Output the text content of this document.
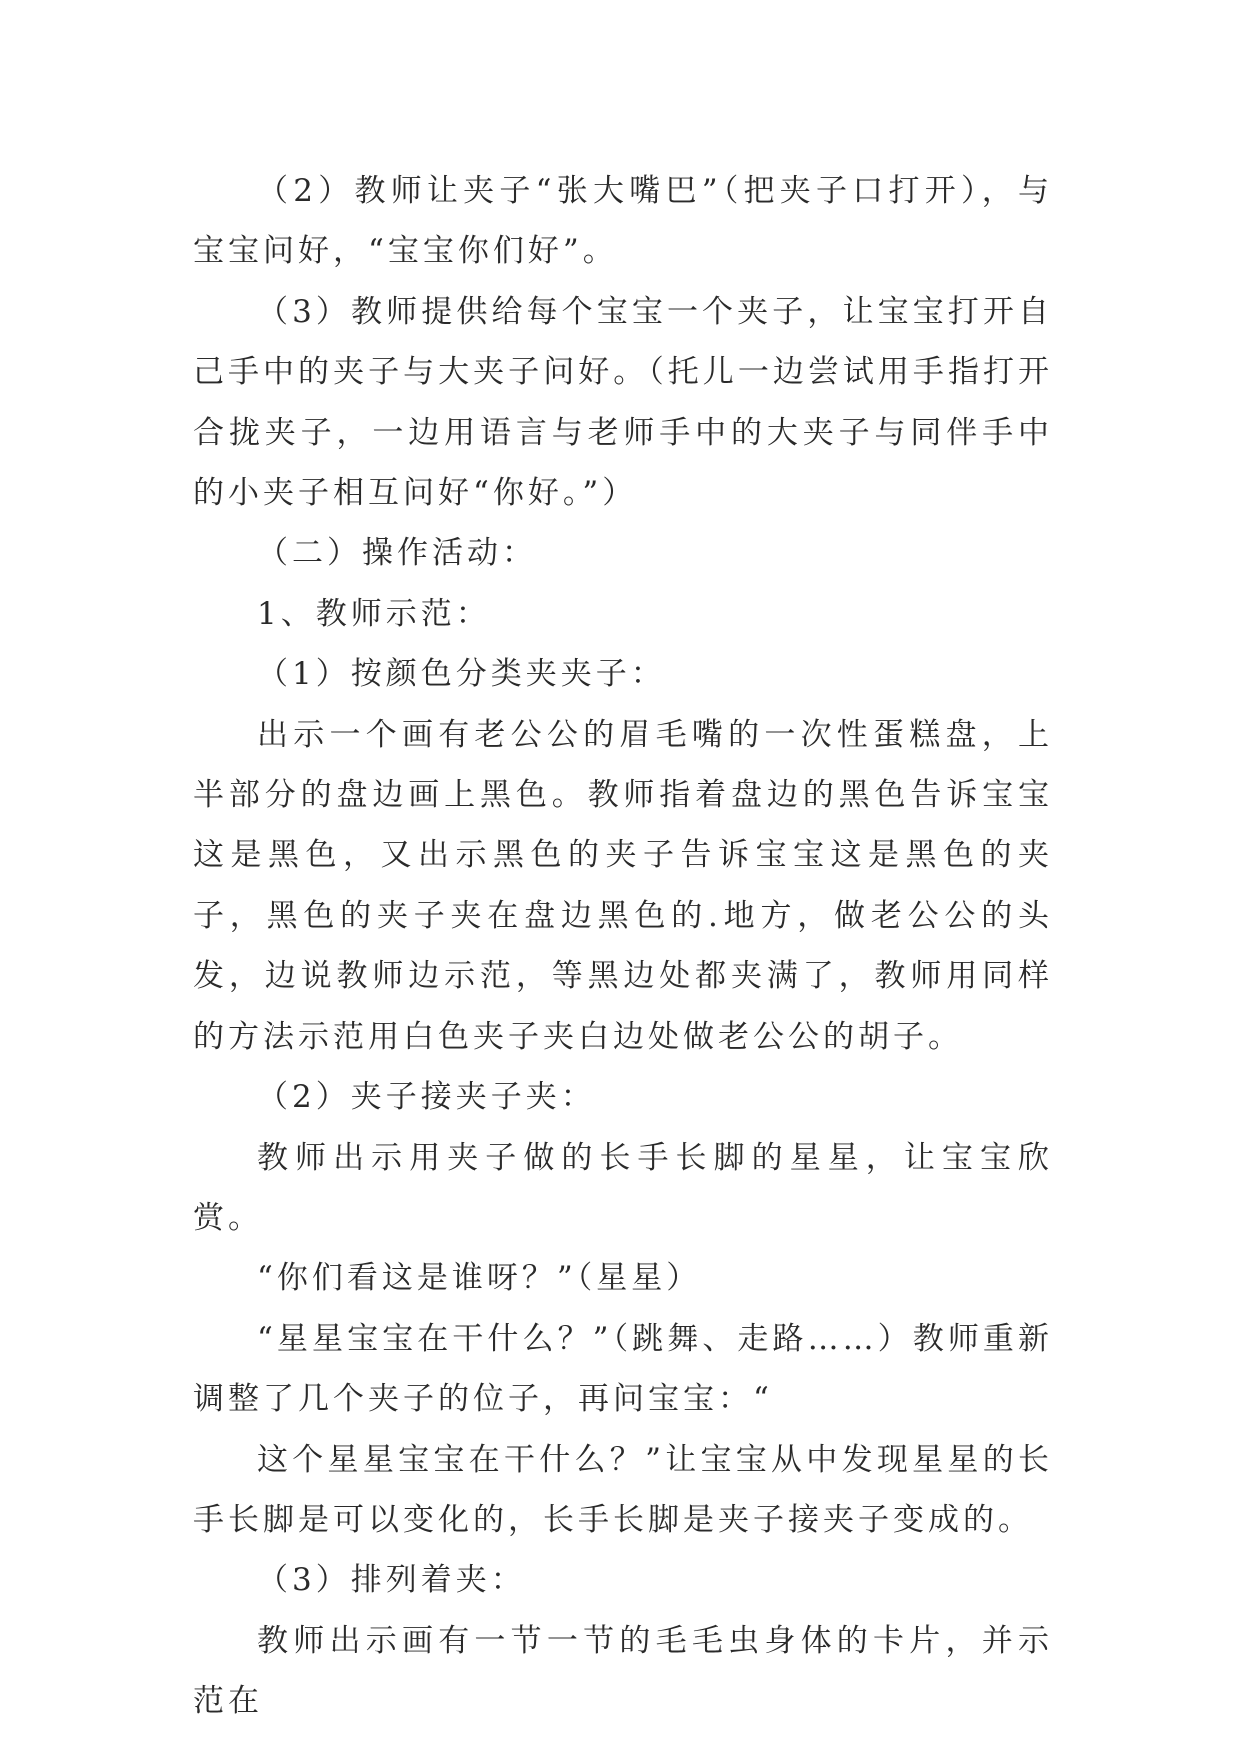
（2）教师让夹子“张大嘴巴”（把夹子口打开），与宝宝问好，“宝宝你们好”。

（3）教师提供给每个宝宝一个夹子，让宝宝打开自己手中的夹子与大夹子问好。（托儿一边尝试用手指打开合拢夹子，一边用语言与老师手中的大夹子与同伴手中的小夹子相互问好“你好。”）

（二）操作活动：

1、教师示范：

（1）按颜色分类夹夹子：

出示一个画有老公公的眉毛嘴的一次性蛋糕盘，上半部分的盘边画上黑色。教师指着盘边的黑色告诉宝宝这是黑色，又出示黑色的夹子告诉宝宝这是黑色的夹子，黑色的夹子夹在盘边黑色的.地方，做老公公的头发，边说教师边示范，等黑边处都夹满了，教师用同样的方法示范用白色夹子夹白边处做老公公的胡子。

（2）夹子接夹子夹：

教师出示用夹子做的长手长脚的星星，让宝宝欣赏。

“你们看这是谁呀？”（星星）

“星星宝宝在干什么？”（跳舞、走路……）教师重新调整了几个夹子的位子，再问宝宝：“

这个星星宝宝在干什么？”让宝宝从中发现星星的长手长脚是可以变化的，长手长脚是夹子接夹子变成的。

（3）排列着夹：

教师出示画有一节一节的毛毛虫身体的卡片，并示范在
